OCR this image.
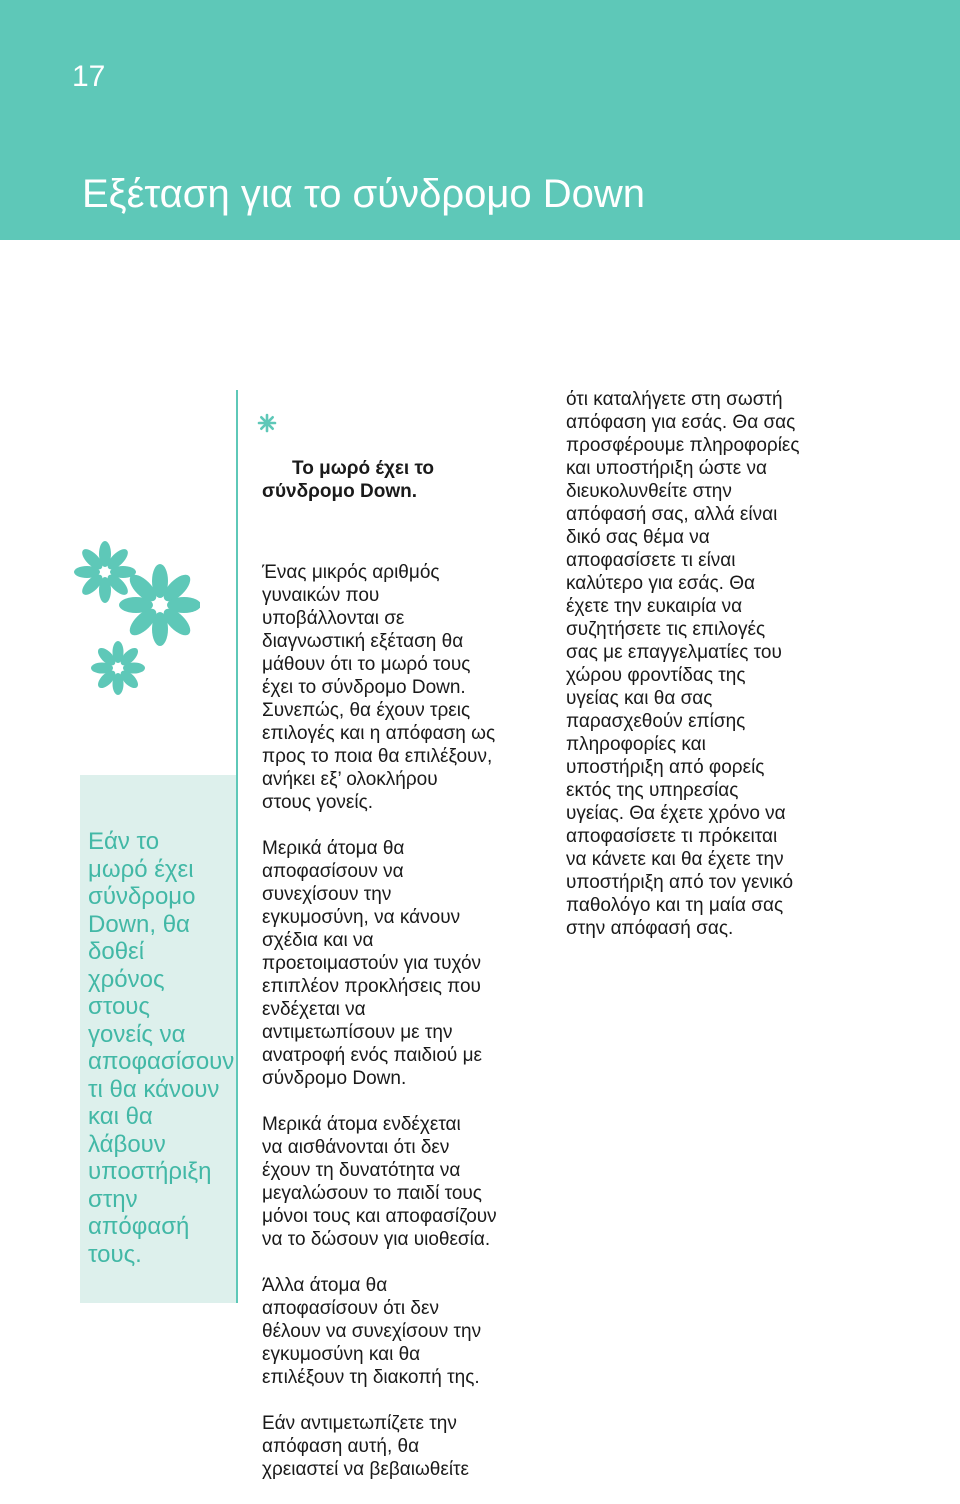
17
Εξέταση για το σύνδρομο Down
Εάν το
μωρό έχει
σύνδρομο
Down, θα
δοθεί
χρόνος
στους
γονείς να
αποφασίσουν
τι θα κάνουν
και θα
λάβουν
υποστήριξη
στην
απόφασή
τους.

Το μωρό έχει το
σύνδρομο Down.

Ένας μικρός αριθμός
γυναικών που
υποβάλλονται σε
διαγνωστική εξέταση θα
μάθουν ότι το μωρό τους
έχει το σύνδρομο Down.
Συνεπώς, θα έχουν τρεις
επιλογές και η απόφαση ως
προς το ποια θα επιλέξουν,
ανήκει εξ’ ολοκλήρου
στους γονείς.

Μερικά άτομα θα
αποφασίσουν να
συνεχίσουν την
εγκυμοσύνη, να κάνουν
σχέδια και να
προετοιμαστούν για τυχόν
επιπλέον προκλήσεις που
ενδέχεται να
αντιμετωπίσουν με την
ανατροφή ενός παιδιού με
σύνδρομο Down.

Μερικά άτομα ενδέχεται
να αισθάνονται ότι δεν
έχουν τη δυνατότητα να
μεγαλώσουν το παιδί τους
μόνοι τους και αποφασίζουν
να το δώσουν για υιοθεσία.

Άλλα άτομα θα
αποφασίσουν ότι δεν
θέλουν να συνεχίσουν την
εγκυμοσύνη και θα
επιλέξουν τη διακοπή της.

Εάν αντιμετωπίζετε την
απόφαση αυτή, θα
χρειαστεί να βεβαιωθείτε

ότι καταλήγετε στη σωστή
απόφαση για εσάς. Θα σας
προσφέρουμε πληροφορίες
και υποστήριξη ώστε να
διευκολυνθείτε στην
απόφασή σας, αλλά είναι
δικό σας θέμα να
αποφασίσετε τι είναι
καλύτερο για εσάς. Θα
έχετε την ευκαιρία να
συζητήσετε τις επιλογές
σας με επαγγελματίες του
χώρου φροντίδας της
υγείας και θα σας
παρασχεθούν επίσης
πληροφορίες και
υποστήριξη από φορείς
εκτός της υπηρεσίας
υγείας. Θα έχετε χρόνο να
αποφασίσετε τι πρόκειται
να κάνετε και θα έχετε την
υποστήριξη από τον γενικό
παθολόγο και τη μαία σας
στην απόφασή σας.
